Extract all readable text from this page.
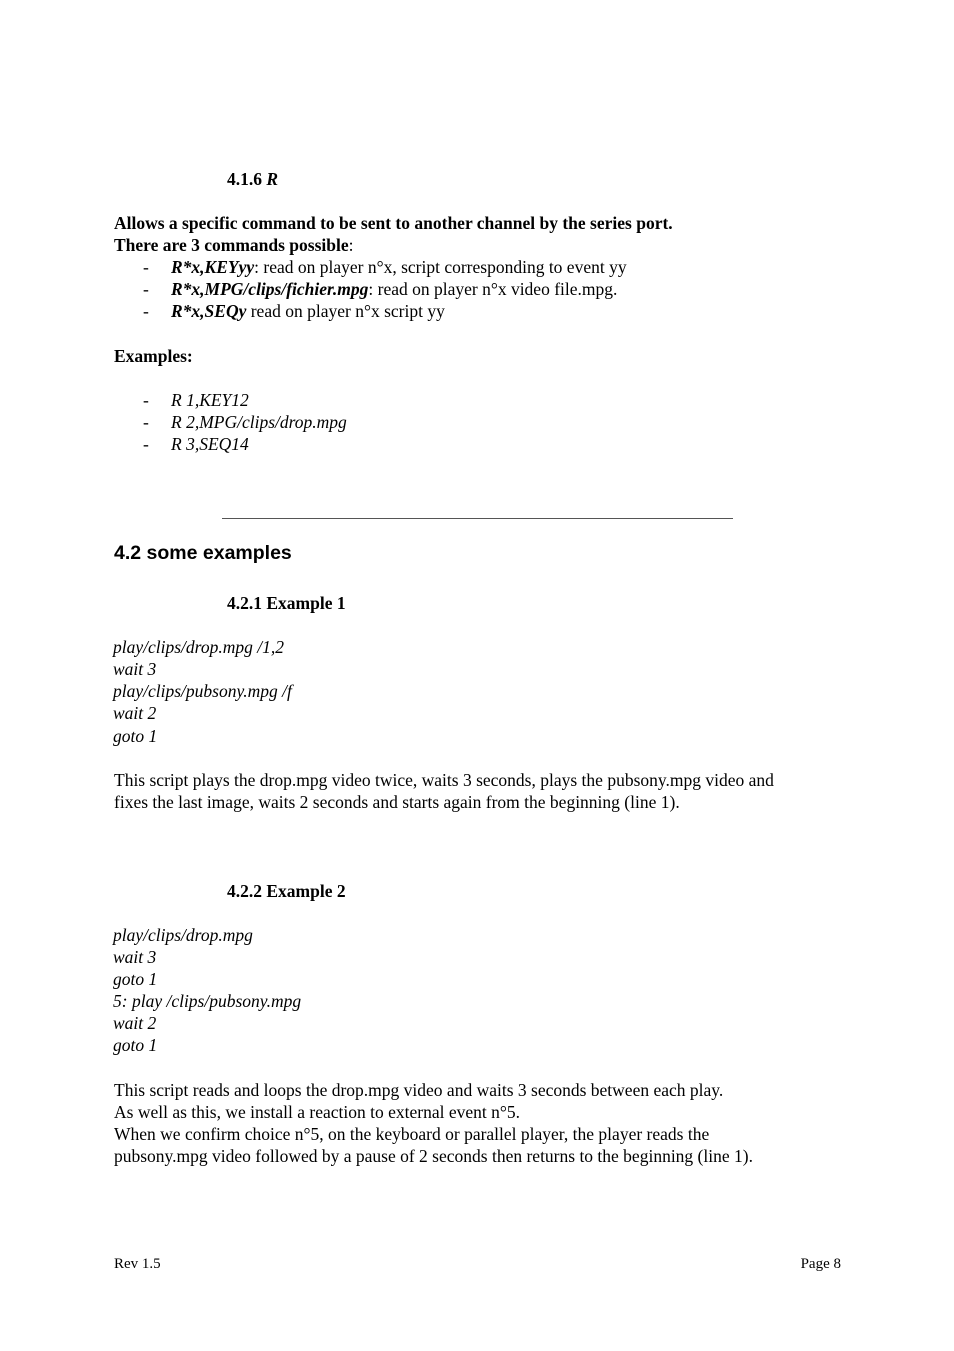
4.1.6 R
Allows a specific command to be sent to another channel by the series port.
There are 3 commands possible:
- R*x,KEYyy: read on player n°x, script corresponding to event yy
- R*x,MPG/clips/fichier.mpg: read on player n°x video file.mpg.
- R*x,SEQy read on player n°x script yy
Examples:
- R 1,KEY12
- R 2,MPG/clips/drop.mpg
- R 3,SEQ14
4.2 some examples
4.2.1 Example 1
play/clips/drop.mpg /1,2
wait 3
play/clips/pubsony.mpg /f
wait 2
goto 1
This script plays the drop.mpg video twice, waits 3 seconds, plays the pubsony.mpg video and
fixes the last image, waits 2 seconds and starts again from the beginning (line 1).
4.2.2 Example 2
play/clips/drop.mpg
wait 3
goto 1
5: play /clips/pubsony.mpg
wait 2
goto 1
This script reads and loops the drop.mpg video and waits 3 seconds between each play.
As well as this, we install a reaction to external event n°5.
When we confirm choice n°5, on the keyboard or parallel player, the player reads the
pubsony.mpg video followed by a pause of 2 seconds then returns to the beginning (line 1).
Rev 1.5	Page 8
